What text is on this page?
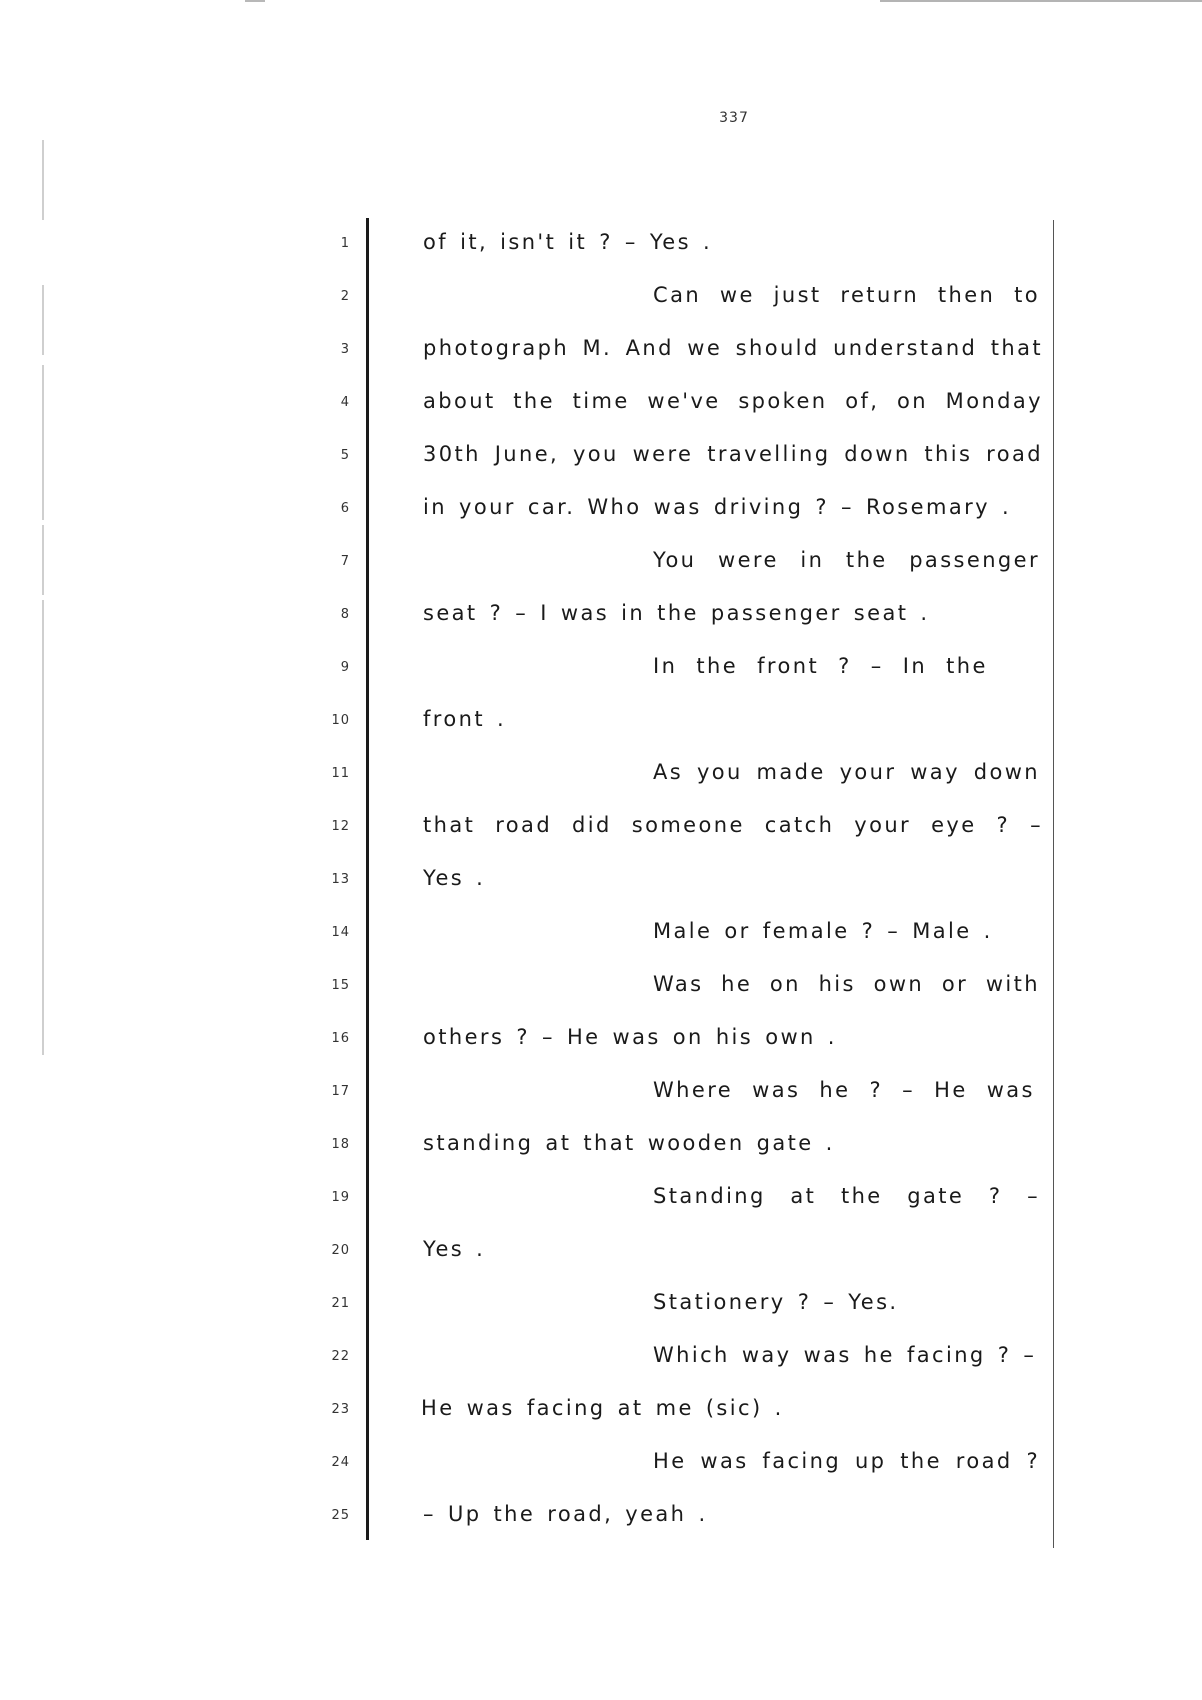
337
1	of it, isn't it ? – Yes .
2	Can we just return then to
3	photograph M. And we should understand that
4	about the time we've spoken of, on Monday
5	30th June, you were travelling down this road
6	in your car. Who was driving ? – Rosemary .
7	You were in the passenger
8	seat ? – I was in the passenger seat .
9	In the front ? – In the
10	front .
11	As you made your way down
12	that road did someone catch your eye ? –
13	Yes .
14	Male or female ? – Male .
15	Was he on his own or with
16	others ? – He was on his own .
17	Where was he ? – He was
18	standing at that wooden gate .
19	Standing at the gate ? –
20	Yes .
21	Stationery ? – Yes.
22	Which way was he facing ? –
23	He was facing at me (sic) .
24	He was facing up the road ?
25	– Up the road, yeah .
